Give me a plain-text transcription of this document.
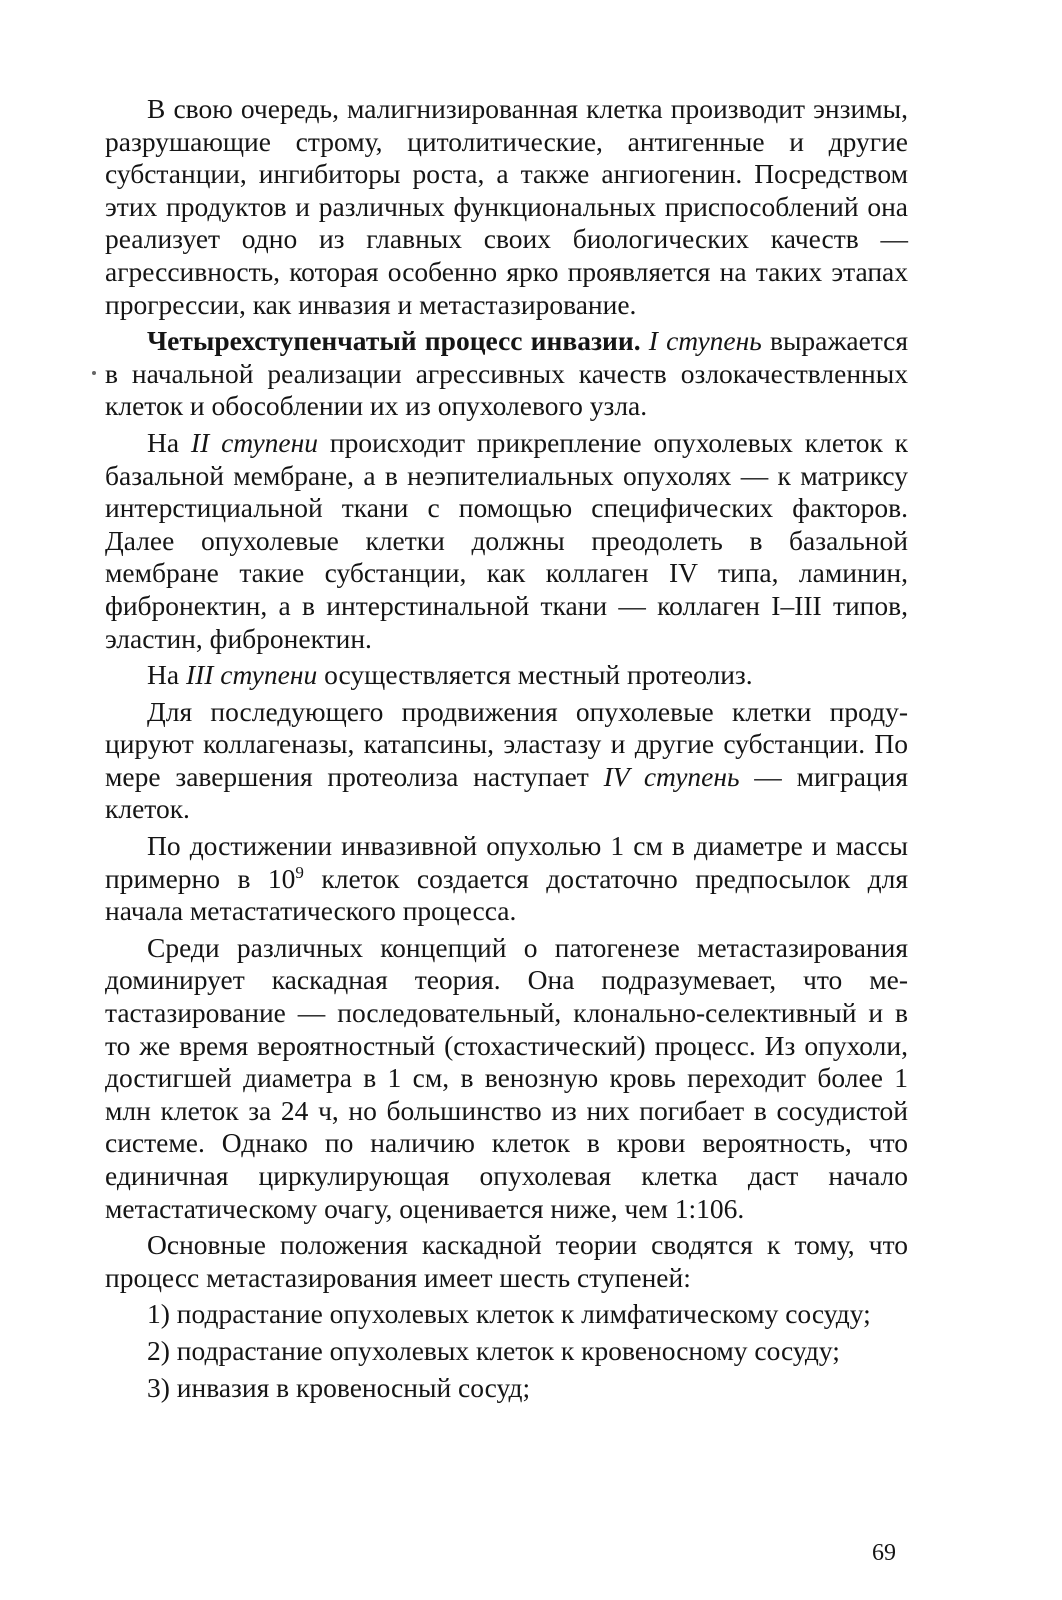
В свою очередь, малигнизированная клетка производит энзимы, разрушающие строму, цитолитические, антигенные и другие субстанции, ингибиторы роста, а также ангиогенин. Посредством этих продуктов и различных функциональных приспособлений она реализует одно из главных своих биологических качеств — агрессивность, которая особенно ярко проявляется на таких этапах прогрессии, как инвазия и метастазирование.

Четырехступенчатый процесс инвазии. I ступень выражается в начальной реализации агрессивных качеств озлокачествленных клеток и обособлении их из опухолевого узла.

На II ступени происходит прикрепление опухолевых клеток к базальной мембране, а в неэпителиальных опухолях — к матриксу интерстициальной ткани с помощью специфических факторов. Далее опухолевые клетки должны преодолеть в базальной мембране такие субстанции, как коллаген IV типа, ламинин, фибронектин, а в интерстинальной ткани — коллаген I–III типов, эластин, фибронектин.

На III ступени осуществляется местный протеолиз.

Для последующего продвижения опухолевые клетки продуцируют коллагеназы, катапсины, эластазу и другие субстанции. По мере завершения протеолиза наступает IV ступень — миграция клеток.

По достижении инвазивной опухолью 1 см в диаметре и массы примерно в $10^9$ клеток создается достаточно предпосылок для начала метастатического процесса.

Среди различных концепций о патогенезе метастазирования доминирует каскадная теория. Она подразумевает, что метастазирование — последовательный, клонально-селективный и в то же время вероятностный (стохастический) процесс. Из опухоли, достигшей диаметра в 1 см, в венозную кровь переходит более 1 млн клеток за 24 ч, но большинство из них погибает в сосудистой системе. Однако по наличию клеток в крови вероятность, что единичная циркулирующая опухолевая клетка даст начало метастатическому очагу, оценивается ниже, чем 1:106.

Основные положения каскадной теории сводятся к тому, что процесс метастазирования имеет шесть ступеней:

1) подрастание опухолевых клеток к лимфатическому сосуду;

2) подрастание опухолевых клеток к кровеносному сосуду;

3) инвазия в кровеносный сосуд;

69
